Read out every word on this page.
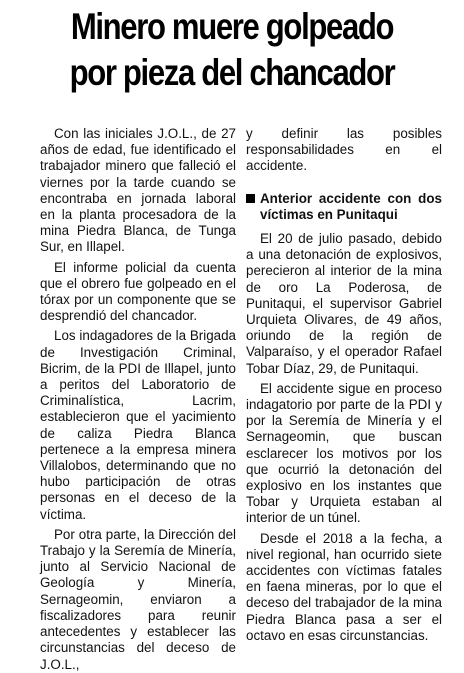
Minero muere golpeado
por pieza del chancador

Con las iniciales J.O.L., de 27 años de edad, fue identificado el trabajador minero que falleció el viernes por la tarde cuando se encontraba en jornada laboral en la planta procesadora de la mina Piedra Blanca, de Tunga Sur, en Illapel.

El informe policial da cuenta que el obrero fue golpeado en el tórax por un componente que se desprendió del chancador.

Los indagadores de la Brigada de Investigación Criminal, Bicrim, de la PDI de Illapel, junto a peritos del Laboratorio de Criminalística, Lacrim, establecieron que el yacimiento de caliza Piedra Blanca pertenece a la empresa minera Villalobos, determinando que no hubo participación de otras personas en el deceso de la víctima.

Por otra parte, la Dirección del Trabajo y la Seremía de Minería, junto al Servicio Nacional de Geología y Minería, Sernageomin, enviaron a fiscalizadores para reunir antecedentes y establecer las circunstancias del deceso de J.O.L.,

y definir las posibles responsabilidades en el accidente.

Anterior accidente con dos víctimas en Punitaqui

El 20 de julio pasado, debido a una detonación de explosivos, perecieron al interior de la mina de oro La Poderosa, de Punitaqui, el supervisor Gabriel Urquieta Olivares, de 49 años, oriundo de la región de Valparaíso, y el operador Rafael Tobar Díaz, 29, de Punitaqui.

El accidente sigue en proceso indagatorio por parte de la PDI y por la Seremía de Minería y el Sernageomin, que buscan esclarecer los motivos por los que ocurrió la detonación del explosivo en los instantes que Tobar y Urquieta estaban al interior de un túnel.

Desde el 2018 a la fecha, a nivel regional, han ocurrido siete accidentes con víctimas fatales en faena mineras, por lo que el deceso del trabajador de la mina Piedra Blanca pasa a ser el octavo en esas circunstancias.
